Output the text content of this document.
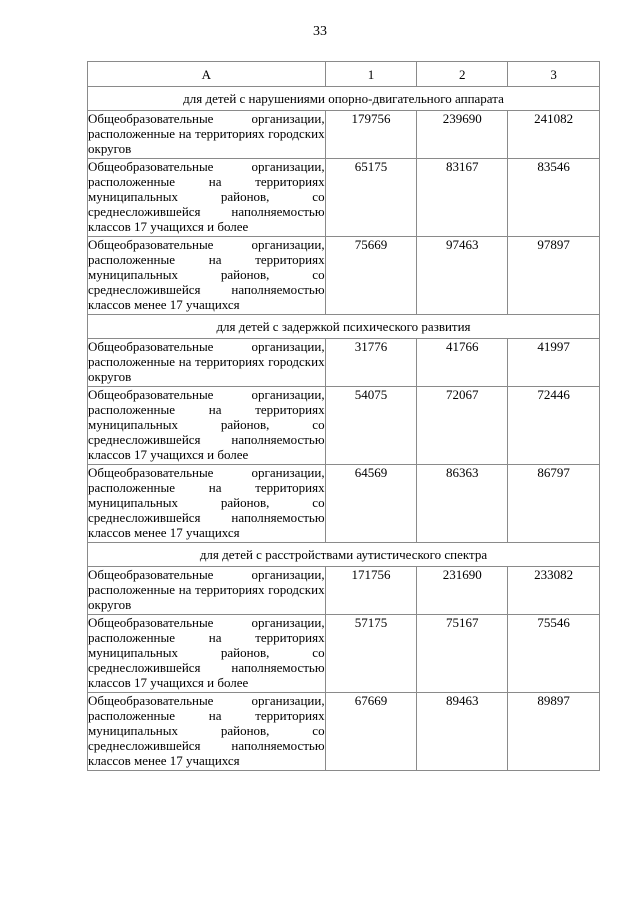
33
А	1	2	3
для детей с нарушениями опорно-двигательного аппарата			
Общеобразовательные организации, расположенные на территориях городских округов	179756	239690	241082
Общеобразовательные организации, расположенные на территориях муниципальных районов, со среднесложившейся наполняемостью классов 17 учащихся и более	65175	83167	83546
Общеобразовательные организации, расположенные на территориях муниципальных районов, со среднесложившейся наполняемостью классов менее 17 учащихся	75669	97463	97897
для детей с задержкой психического развития			
Общеобразовательные организации, расположенные на территориях городских округов	31776	41766	41997
Общеобразовательные организации, расположенные на территориях муниципальных районов, со среднесложившейся наполняемостью классов 17 учащихся и более	54075	72067	72446
Общеобразовательные организации, расположенные на территориях муниципальных районов, со среднесложившейся наполняемостью классов менее 17 учащихся	64569	86363	86797
для детей с расстройствами аутистического спектра			
Общеобразовательные организации, расположенные на территориях городских округов	171756	231690	233082
Общеобразовательные организации, расположенные на территориях муниципальных районов, со среднесложившейся наполняемостью классов 17 учащихся и более	57175	75167	75546
Общеобразовательные организации, расположенные на территориях муниципальных районов, со среднесложившейся наполняемостью классов менее 17 учащихся	67669	89463	89897
